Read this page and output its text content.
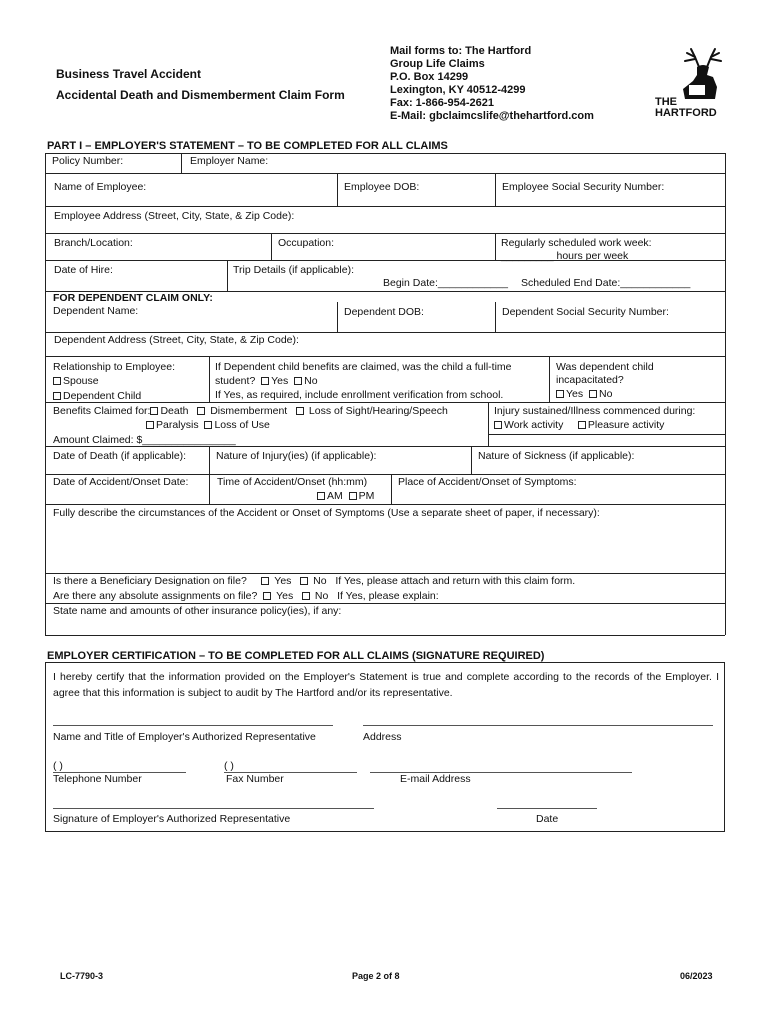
Business Travel Accident
Accidental Death and Dismemberment Claim Form
Mail forms to: The Hartford
Group Life Claims
P.O. Box 14299
Lexington, KY 40512-4299
Fax: 1-866-954-2621
E-Mail: gbclaimcslife@thehartford.com
THE
HARTFORD
PART I – EMPLOYER'S STATEMENT – TO BE COMPLETED FOR ALL CLAIMS
Policy Number:	Employer Name:
Name of Employee:	Employee DOB:	Employee Social Security Number:
Employee Address (Street, City, State, & Zip Code):
Branch/Location:	Occupation:	Regularly scheduled work week:
_________ hours per week
Date of Hire:	Trip Details (if applicable):
Begin Date:____________ Scheduled End Date:____________
FOR DEPENDENT CLAIM ONLY:
Dependent Name:	Dependent DOB:	Dependent Social Security Number:
Dependent Address (Street, City, State, & Zip Code):
Relationship to Employee:
Spouse
Dependent Child
If Dependent child benefits are claimed, was the child a full-time
student? Yes No
If Yes, as required, include enrollment verification from school.
Was dependent child
incapacitated?
Yes No
Benefits Claimed for: Death Dismemberment Loss of Sight/Hearing/Speech
Paralysis Loss of Use
Amount Claimed: $________________
Injury sustained/Illness commenced during:
Work activity Pleasure activity
Date of Death (if applicable):	Nature of Injury(ies) (if applicable):	Nature of Sickness (if applicable):
Date of Accident/Onset Date:	Time of Accident/Onset (hh:mm)
AM PM
Place of Accident/Onset of Symptoms:
Fully describe the circumstances of the Accident or Onset of Symptoms (Use a separate sheet of paper, if necessary):
Is there a Beneficiary Designation on file?	Yes No If Yes, please attach and return with this claim form.
Are there any absolute assignments on file? Yes No If Yes, please explain:
State name and amounts of other insurance policy(ies), if any:
EMPLOYER CERTIFICATION – TO BE COMPLETED FOR ALL CLAIMS (SIGNATURE REQUIRED)
I hereby certify that the information provided on the Employer's Statement is true and complete according to the records of the Employer. I agree that this information is subject to audit by The Hartford and/or its representative.
Name and Title of Employer's Authorized Representative	Address
( )	( )
Telephone Number	Fax Number	E-mail Address
Signature of Employer's Authorized Representative	Date
LC-7790-3	Page 2 of 8	06/2023
